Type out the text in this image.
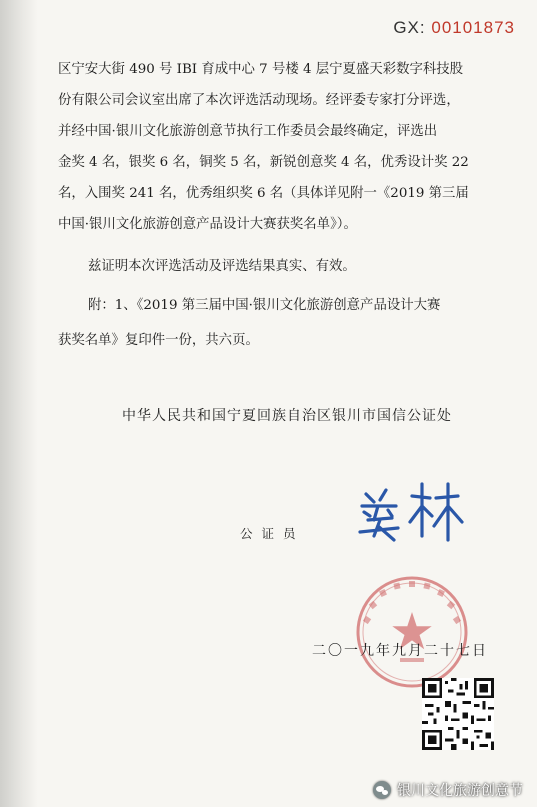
GX: 00101873
区宁安大街 490 号 IBI 育成中心 7 号楼 4 层宁夏盛天彩数字科技股
份有限公司会议室出席了本次评选活动现场。经评委专家打分评选，
并经中国·银川文化旅游创意节执行工作委员会最终确定，评选出
金奖 4 名，银奖 6 名，铜奖 5 名，新锐创意奖 4 名，优秀设计奖 22
名，入围奖 241 名，优秀组织奖 6 名（具体详见附一《2019 第三届
中国·银川文化旅游创意产品设计大赛获奖名单》）。
兹证明本次评选活动及评选结果真实、有效。
附：1、《2019 第三届中国·银川文化旅游创意产品设计大赛
获奖名单》复印件一份，共六页。
中华人民共和国宁夏回族自治区银川市国信公证处
公证员
二〇一九年九月二十七日
银川文化旅游创意节
